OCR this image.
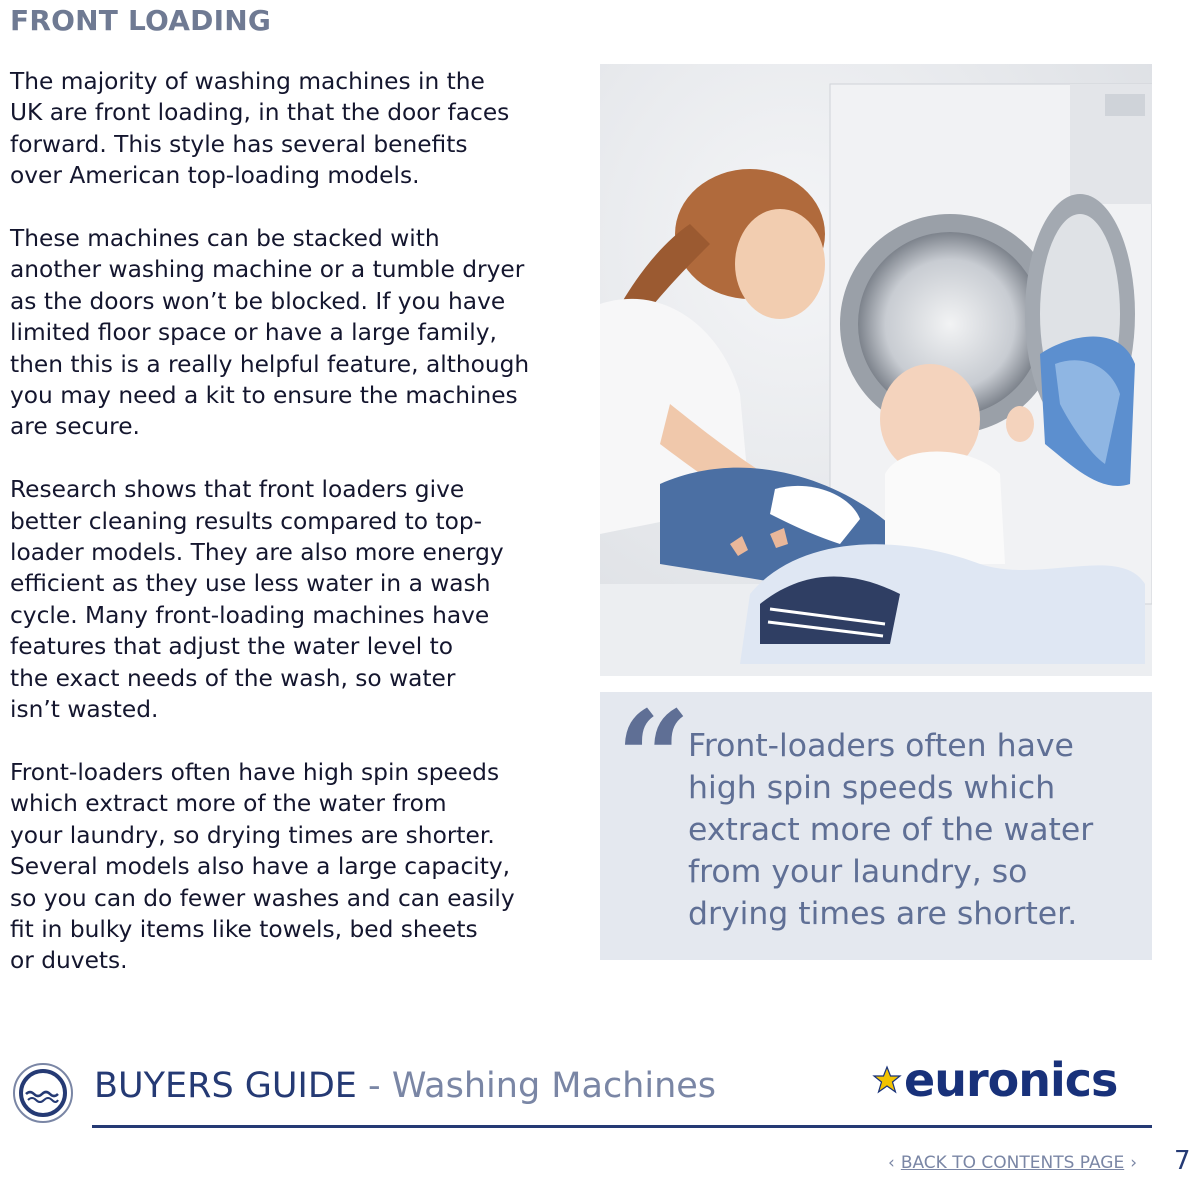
FRONT LOADING

The majority of washing machines in the
UK are front loading, in that the door faces
forward. This style has several benefits
over American top-loading models.

These machines can be stacked with
another washing machine or a tumble dryer
as the doors won’t be blocked. If you have
limited floor space or have a large family,
then this is a really helpful feature, although
you may need a kit to ensure the machines
are secure.

Research shows that front loaders give
better cleaning results compared to top-
loader models. They are also more energy
efficient as they use less water in a wash
cycle. Many front-loading machines have
features that adjust the water level to
the exact needs of the wash, so water
isn’t wasted.

Front-loaders often have high spin speeds
which extract more of the water from
your laundry, so drying times are shorter.
Several models also have a large capacity,
so you can do fewer washes and can easily
fit in bulky items like towels, bed sheets
or duvets.

“
Front-loaders often have
high spin speeds which
extract more of the water
from your laundry, so
drying times are shorter.
BUYERS GUIDE - Washing Machines	euronics
‹ BACK TO CONTENTS PAGE › 7
